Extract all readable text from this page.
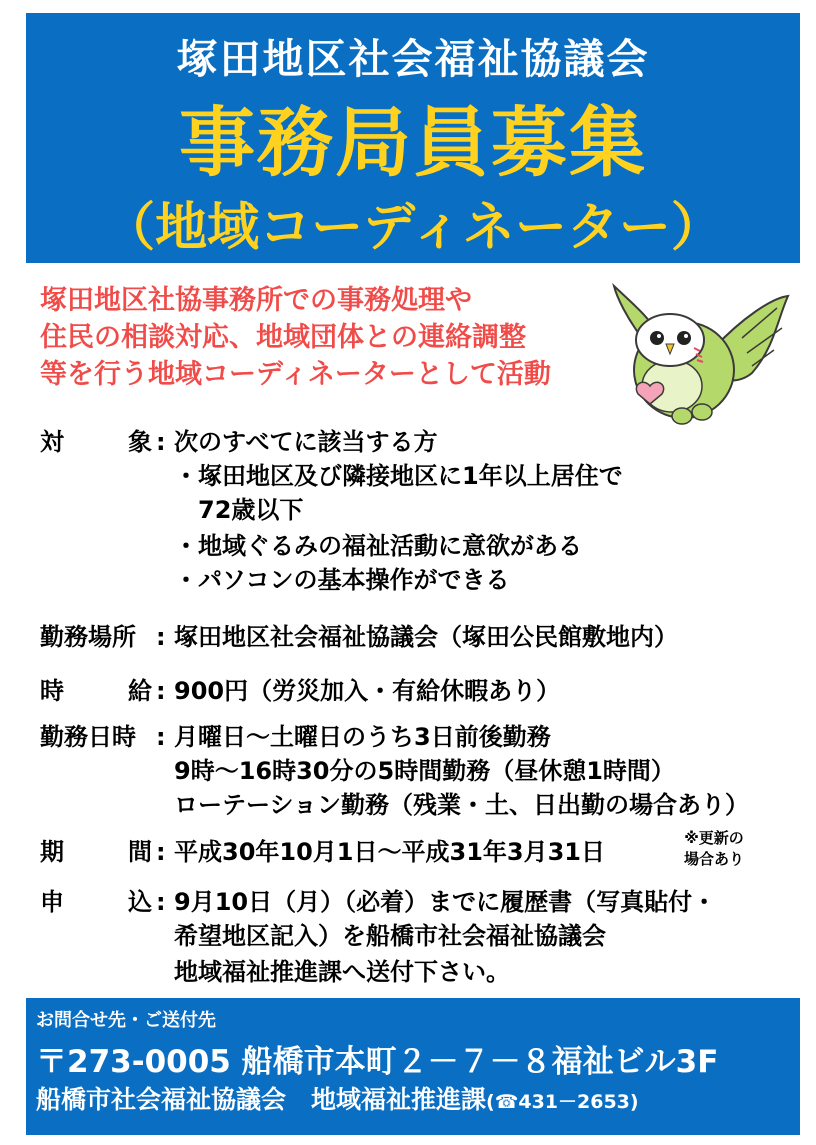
塚田地区社会福祉協議会
事務局員募集
（地域コーディネーター）
塚田地区社協事務所での事務処理や
住民の相談対応、地域団体との連絡調整
等を行う地域コーディネーターとして活動
対	象 : 次のすべてに該当する方
・塚田地区及び隣接地区に1年以上居住で
72歳以下
・地域ぐるみの福祉活動に意欲がある
・パソコンの基本操作ができる
勤務場所 : 塚田地区社会福祉協議会（塚田公民館敷地内）
時	給 : 900円（労災加入・有給休暇あり）
勤務日時 : 月曜日～土曜日のうち3日前後勤務
9時～16時30分の5時間勤務（昼休憩1時間）
ローテーション勤務（残業・土、日出勤の場合あり）
期	間 : 平成30年10月1日～平成31年3月31日	※更新の
場合あり
申	込 : 9月10日（月）（必着）までに履歴書（写真貼付・
希望地区記入）を船橋市社会福祉協議会
地域福祉推進課へ送付下さい。
お問合せ先・ご送付先
〒273-0005 船橋市本町２－７－８福祉ビル3F
船橋市社会福祉協議会　地域福祉推進課(☎431－2653)
